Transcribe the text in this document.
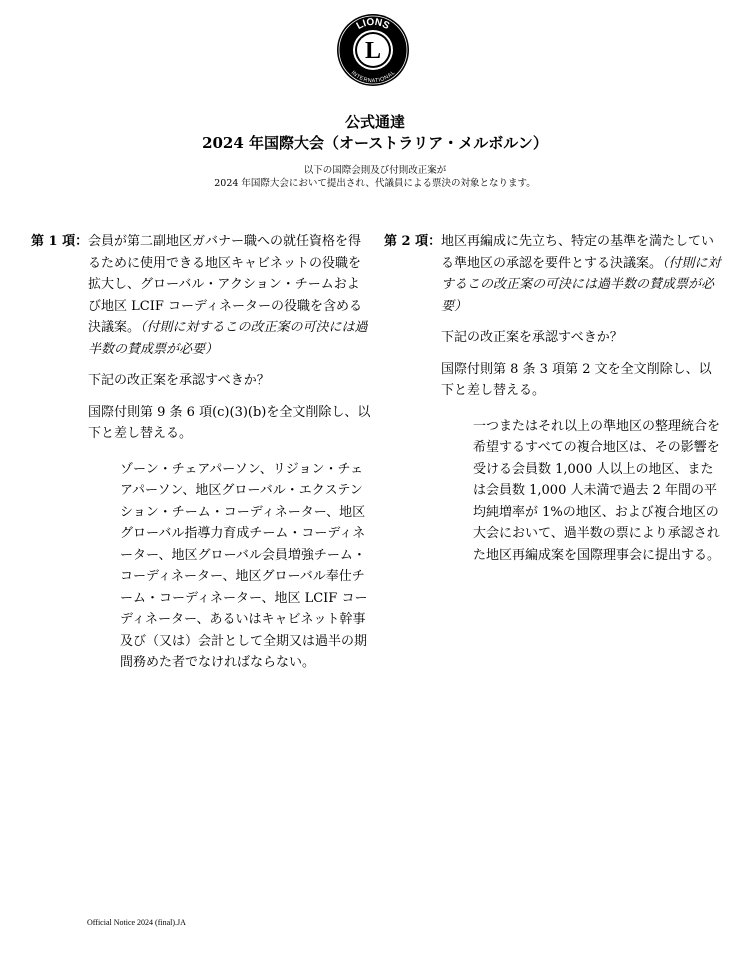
LIONS
INTERNATIONAL
L
公式通達
2024 年国際大会（オーストラリア・メルボルン）
以下の国際会則及び付則改正案が
2024 年国際大会において提出され、代議員による票決の対象となります。
第 1 項： 会員が第二副地区ガバナー職への就任資格を得るために使用できる地区キャビネットの役職を拡大し、グローバル・アクション・チームおよび地区 LCIF コーディネーターの役職を含める決議案。（付則に対するこの改正案の可決には過半数の賛成票が必要）
下記の改正案を承認すべきか？
国際付則第 9 条 6 項(c)(3)(b)を全文削除し、以下と差し替える。
ゾーン・チェアパーソン、リジョン・チェアパーソン、地区グローバル・エクステンション・チーム・コーディネーター、地区グローバル指導力育成チーム・コーディネーター、地区グローバル会員増強チーム・コーディネーター、地区グローバル奉仕チーム・コーディネーター、地区 LCIF コーディネーター、あるいはキャビネット幹事及び（又は）会計として全期又は過半の期間務めた者でなければならない。
第 2 項： 地区再編成に先立ち、特定の基準を満たしている準地区の承認を要件とする決議案。（付則に対するこの改正案の可決には過半数の賛成票が必要）
下記の改正案を承認すべきか？
国際付則第 8 条 3 項第 2 文を全文削除し、以下と差し替える。
一つまたはそれ以上の準地区の整理統合を希望するすべての複合地区は、その影響を受ける会員数 1,000 人以上の地区、または会員数 1,000 人未満で過去 2 年間の平均純増率が 1%の地区、および複合地区の大会において、過半数の票により承認された地区再編成案を国際理事会に提出する。
Official Notice 2024 (final).JA
